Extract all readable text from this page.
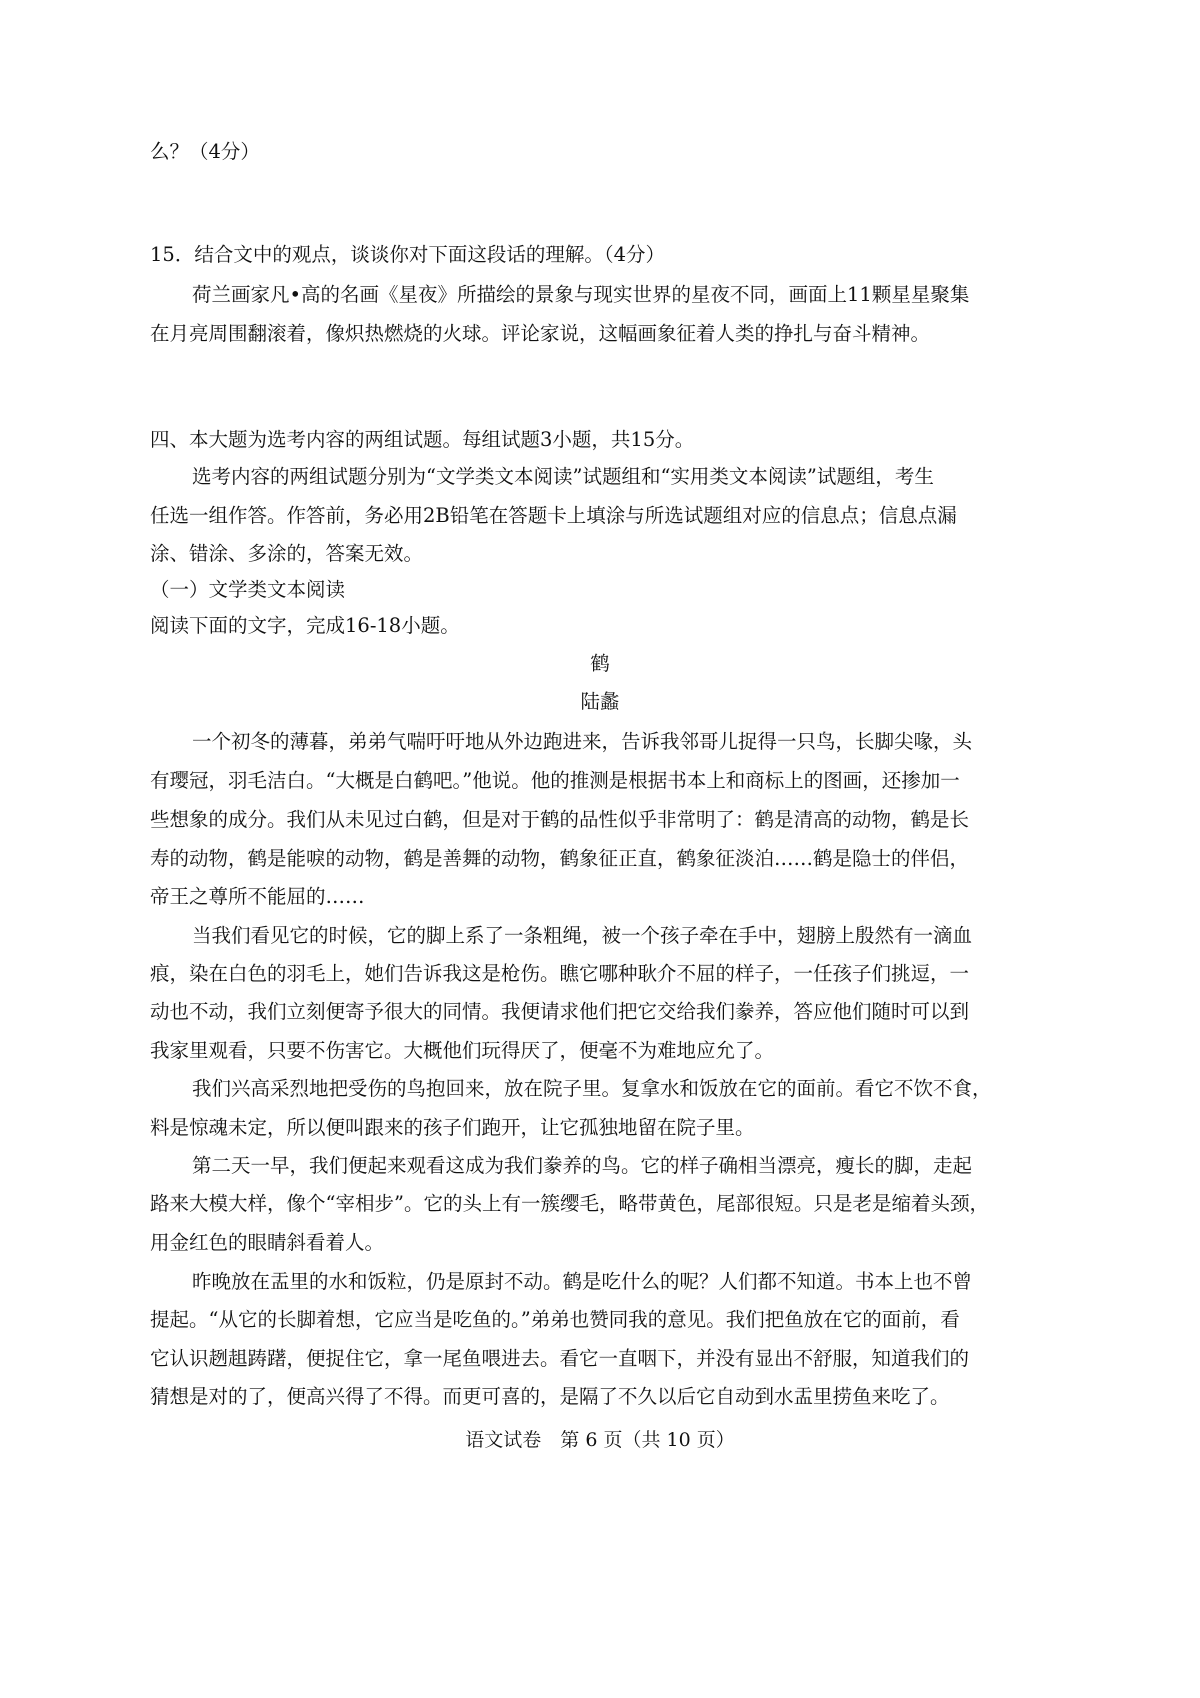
么？（4分）
15．结合文中的观点，谈谈你对下面这段话的理解。（4分）
荷兰画家凡•高的名画《星夜》所描绘的景象与现实世界的星夜不同，画面上11颗星星聚集
在月亮周围翻滚着，像炽热燃烧的火球。评论家说，这幅画象征着人类的挣扎与奋斗精神。
四、本大题为选考内容的两组试题。每组试题3小题，共15分。
选考内容的两组试题分别为“文学类文本阅读”试题组和“实用类文本阅读”试题组，考生
任选一组作答。作答前，务必用2B铅笔在答题卡上填涂与所选试题组对应的信息点；信息点漏
涂、错涂、多涂的，答案无效。
（一）文学类文本阅读
阅读下面的文字，完成16-18小题。
鹤
陆蠡
一个初冬的薄暮，弟弟气喘吁吁地从外边跑进来，告诉我邻哥儿捉得一只鸟，长脚尖喙，头
有璎冠，羽毛洁白。“大概是白鹤吧。”他说。他的推测是根据书本上和商标上的图画，还掺加一
些想象的成分。我们从未见过白鹤，但是对于鹤的品性似乎非常明了：鹤是清高的动物，鹤是长
寿的动物，鹤是能唳的动物，鹤是善舞的动物，鹤象征正直，鹤象征淡泊……鹤是隐士的伴侣，
帝王之尊所不能屈的……
当我们看见它的时候，它的脚上系了一条粗绳，被一个孩子牵在手中，翅膀上殷然有一滴血
痕，染在白色的羽毛上，她们告诉我这是枪伤。瞧它哪种耿介不屈的样子，一任孩子们挑逗，一
动也不动，我们立刻便寄予很大的同情。我便请求他们把它交给我们豢养，答应他们随时可以到
我家里观看，只要不伤害它。大概他们玩得厌了，便毫不为难地应允了。
我们兴高采烈地把受伤的鸟抱回来，放在院子里。复拿水和饭放在它的面前。看它不饮不食，
料是惊魂未定，所以便叫跟来的孩子们跑开，让它孤独地留在院子里。
第二天一早，我们便起来观看这成为我们豢养的鸟。它的样子确相当漂亮，瘦长的脚，走起
路来大模大样，像个“宰相步”。它的头上有一簇缨毛，略带黄色，尾部很短。只是老是缩着头颈，
用金红色的眼睛斜看着人。
昨晚放在盂里的水和饭粒，仍是原封不动。鹤是吃什么的呢？人们都不知道。书本上也不曾
提起。“从它的长脚着想，它应当是吃鱼的。”弟弟也赞同我的意见。我们把鱼放在它的面前，看
它认识趔趄踌躇，便捉住它，拿一尾鱼喂进去。看它一直咽下，并没有显出不舒服，知道我们的
猜想是对的了，便高兴得了不得。而更可喜的，是隔了不久以后它自动到水盂里捞鱼来吃了。
语文试卷　第 6 页（共 10 页）
